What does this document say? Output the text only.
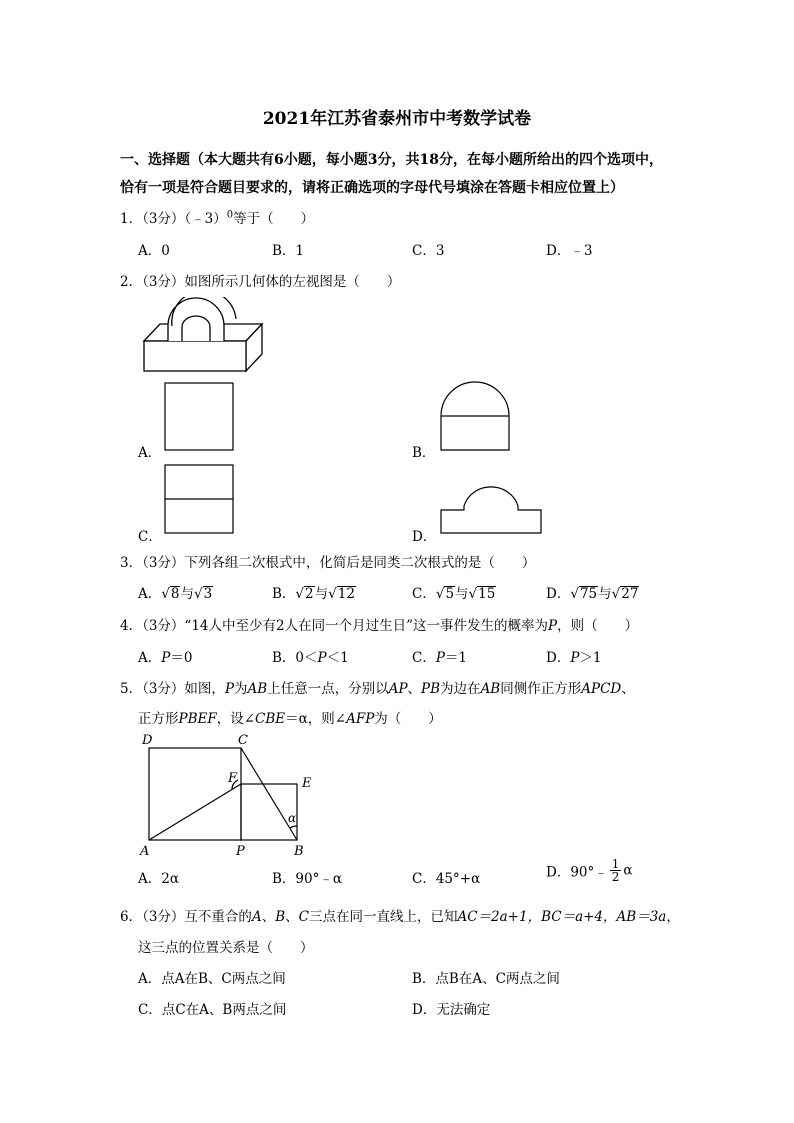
2021年江苏省泰州市中考数学试卷
一、选择题（本大题共有6小题，每小题3分，共18分，在每小题所给出的四个选项中，
恰有一项是符合题目要求的，请将正确选项的字母代号填涂在答题卡相应位置上）
1．（3分）（﹣3）$^0$等于（　　）
A．0	B．1	C．3	D．﹣3
2．（3分）如图所示几何体的左视图是（　　）
A．	B．
C．	D．
3．（3分）下列各组二次根式中，化简后是同类二次根式的是（　　）
A．√8与√3	B．√2与√12	C．√5与√15	D．√75与√27
4．（3分）“14人中至少有2人在同一个月过生日”这一事件发生的概率为P，则（　　）
A．P＝0	B．0＜P＜1	C．P＝1	D．P＞1
5．（3分）如图，P为AB上任意一点，分别以AP、PB为边在AB同侧作正方形APCD、
正方形PBEF，设∠CBE＝α，则∠AFP为（　　）
D	C
F	E
A	P	B
α
A．2α	B．90°﹣α	C．45°+α	D．90°﹣ $\frac{1}{2}$ α
6．（3分）互不重合的A、B、C三点在同一直线上，已知AC＝2a+1，BC＝a+4，AB＝3a，
这三点的位置关系是（　　）
A．点A在B、C两点之间	B．点B在A、C两点之间
C．点C在A、B两点之间	D．无法确定
